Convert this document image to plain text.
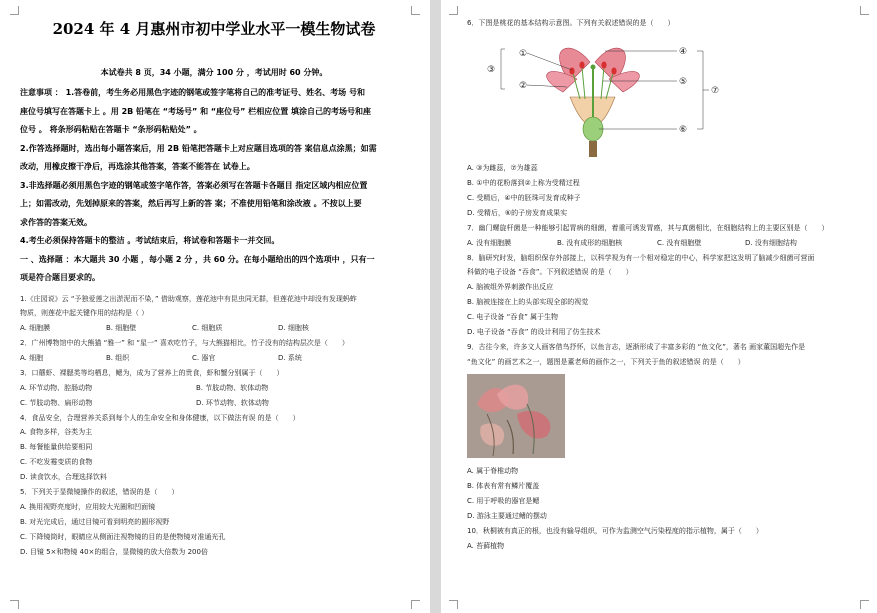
2024 年 4 月惠州市初中学业水平一模生物试卷

本试卷共 8 页，34 小题，满分 100 分 ，考试用时 60 分钟。

注意事项 ： 1.答卷前，考生务必用黑色字迹的钢笔或签字笔将自己的准考证号、姓名、考场 号和

座位号填写在答题卡上 。用 2B 铅笔在 “考场号” 和 “座位号” 栏相应位置 填涂自己的考场号和座

位号 。 将条形码粘贴在答题卡 “条形码粘贴处” 。

2.作答选择题时，选出每小题答案后，用 2B 铅笔把答题卡上对应题目选项的答 案信息点涂黑；如需

改动，用橡皮擦干净后，再选涂其他答案，答案不能答在 试卷上。

3.非选择题必须用黑色字迹的钢笔或签字笔作答，答案必须写在答题卡各题目 指定区域内相应位置

上；如需改动，先划掉原来的答案，然后再写上新的答 案；不准使用铅笔和涂改液 。不按以上要

求作答的答案无效。

4.考生必须保持答题卡的整洁 。考试结束后，将试卷和答题卡一并交回。

一 、选择题 ：本大题共 30 小题 ，每小题 2 分 ，共 60 分。在每小题给出的四个选项中 ，只有一

项是符合题目要求的。

1.《庄园说》云 “予独爱莲之出淤泥而不染，” 借助观察，莲花池中有昆虫同无群，但莲花池中却没有发现蚂蚱

物质，则莲花中起关键作用的结构是（ ）

A. 细胞膜	B. 细胞壁	C. 细胞质	D. 细胞核

2．广州博物馆中的大熊猫 “雅一” 和 “星一” 喜欢吃竹子，与大熊猫相比，竹子没有的结构层次是（　　）

A. 细胞	B. 组织	C. 器官	D. 系统

3．口蘑虾、裸腮类等均栖息，鳃为，成为了营养上的贵食，虾和蟹分别属于（　　）

A. 环节动物、腔肠动物	B. 节肢动物、软体动物
C. 节肢动物、扁形动物	D. 环节动物、软体动物

4．食品安全，合理营养关系到每个人的生命安全和身体健康，以下做法有误 的是（　　）

A. 食物多样，谷类为主

B. 每餐能量供给要相同

C. 不吃发霉变质的食物

D. 读食饮水，合理选择饮料

5．下列关于显微镜操作的叙述，错误的是（　　）

A. 换用视野亮度时，应用较大光圈和凹面镜

B. 对光完成后，通过目镜可看到明亮的圆形视野

C. 下降镜筒时，眼睛应从侧面注视物镜的目的是使物镜对准通光孔

D. 目镜 5×和物镜 40×的组合，显微镜的放大倍数为 200倍

6．下图是桃花的基本结构示意图。下列有关叙述错误的是（　　）

①
②
③
④
⑤
⑥
⑦

A. ③为雌蕊，⑦为雄蕊

B. ①中的花粉落到②上称为受精过程

C. 受精后，④中的胚珠可发育成种子

D. 受精后，⑥的子房发育成果实

7．幽门螺旋杆菌是一种能够引起胃病的细菌，着重可诱发胃癌，其与真菌相比，在细胞结构上的主要区别是（　　）

A. 没有细胞膜	B. 没有成形的细胞核	C. 没有细胞壁	D. 没有细胞结构

8．脑研究时发，脑组织保存外部接上，以科学视为有一个相对稳定的中心，科学家把这发明了脑减少细菌可营面

科做的电子设备 “吞食”。下列叙述错误 的是（　　）

A. 脑被组外界刺激作出反应

B. 脑被连接在上的头部实现全部的视觉

C. 电子设备 “吞食” 属于生物

D. 电子设备 “吞食” 的设计利用了仿生技术

9．古往今来，许多文人画客借鸟抒怀，以鱼言志，逐渐形成了丰富多彩的 “鱼文化”，著名 画家董国超先作是

“鱼文化” 的画艺术之一，题图是董老师的画作之一，下列关于鱼的叙述错误 的是（　　）

A. 属于脊椎动物

B. 体表有常有鳞片覆盖

C. 用于呼吸的器官是鳃

D. 游泳主要通过鳍的摆动

10．秋桐被有真正的根，也没有输导组织，可作为监测空气污染程度的指示植物，属于（　　）

A. 苔藓植物
